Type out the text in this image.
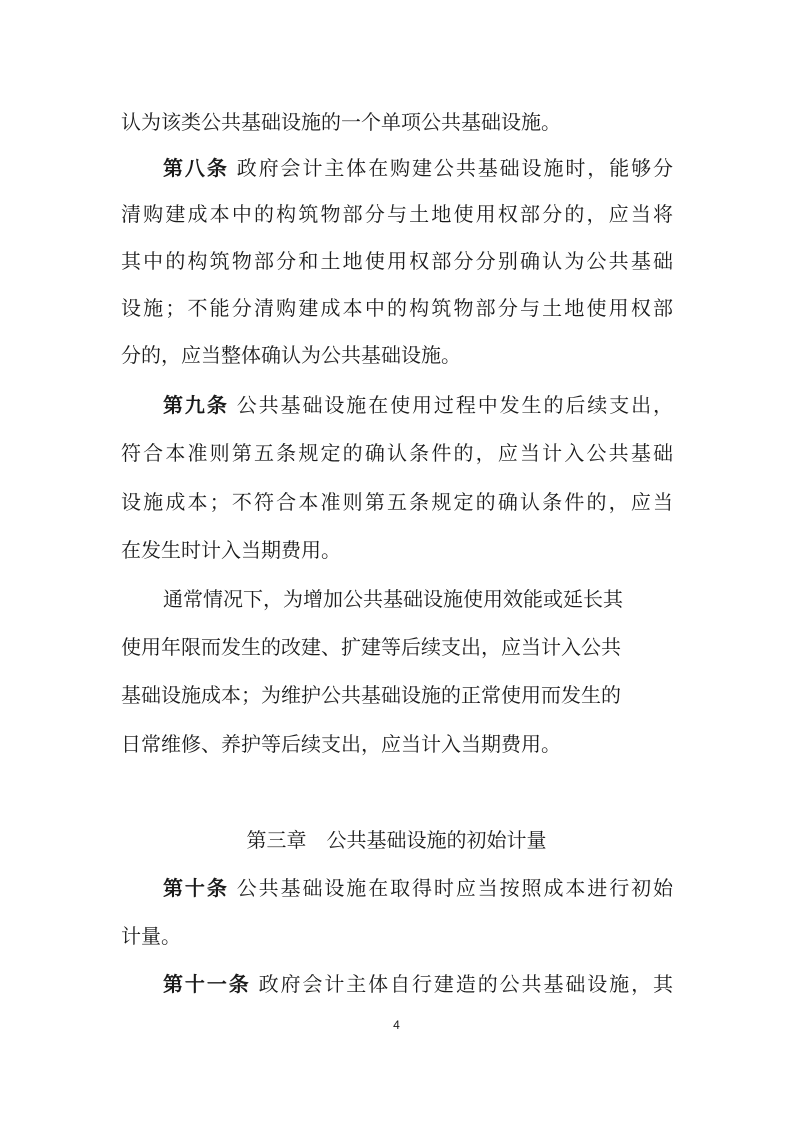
认为该类公共基础设施的一个单项公共基础设施。
第八条 政府会计主体在购建公共基础设施时，能够分
清购建成本中的构筑物部分与土地使用权部分的，应当将
其中的构筑物部分和土地使用权部分分别确认为公共基础
设施；不能分清购建成本中的构筑物部分与土地使用权部
分的，应当整体确认为公共基础设施。
第九条 公共基础设施在使用过程中发生的后续支出，
符合本准则第五条规定的确认条件的，应当计入公共基础
设施成本；不符合本准则第五条规定的确认条件的，应当
在发生时计入当期费用。
通常情况下，为增加公共基础设施使用效能或延长其
使用年限而发生的改建、扩建等后续支出，应当计入公共
基础设施成本；为维护公共基础设施的正常使用而发生的
日常维修、养护等后续支出，应当计入当期费用。
第三章　公共基础设施的初始计量
第十条 公共基础设施在取得时应当按照成本进行初始
计量。
第十一条 政府会计主体自行建造的公共基础设施，其
4
